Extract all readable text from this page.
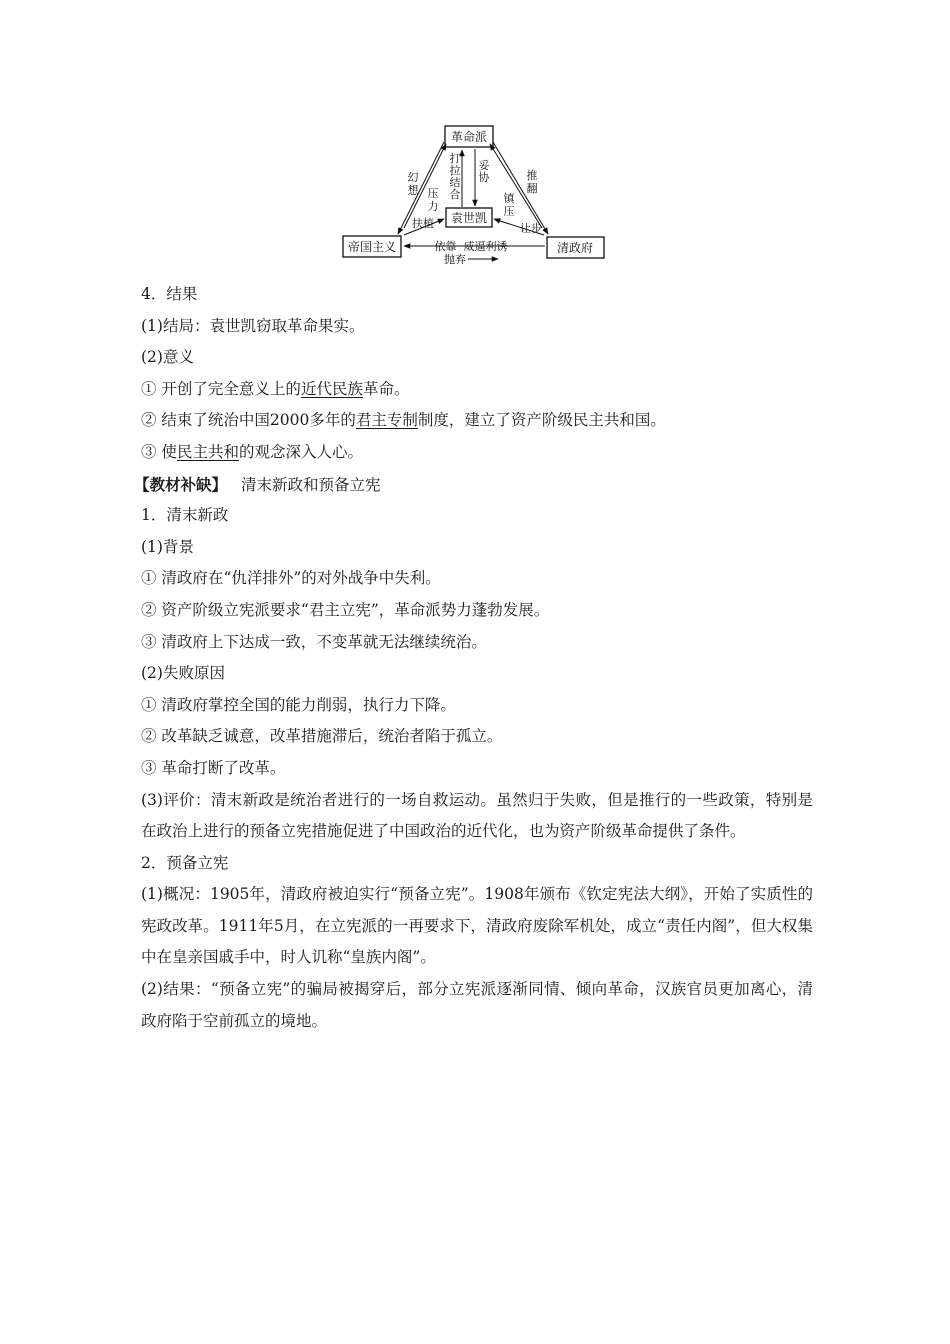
革命派
袁世凯
帝国主义	清政府
幻想 压力
扶植
打拉结合
妥协
镇压
推翻
让步
依靠  威逼利诱
抛弃
4．结果
(1)结局：袁世凯窃取革命果实。
(2)意义
① 开创了完全意义上的近代民族革命。
② 结束了统治中国2000多年的君主专制制度，建立了资产阶级民主共和国。
③ 使民主共和的观念深入人心。
【教材补缺】 清末新政和预备立宪
1．清末新政
(1)背景
① 清政府在“仇洋排外”的对外战争中失利。
② 资产阶级立宪派要求“君主立宪”，革命派势力蓬勃发展。
③ 清政府上下达成一致，不变革就无法继续统治。
(2)失败原因
① 清政府掌控全国的能力削弱，执行力下降。
② 改革缺乏诚意，改革措施滞后，统治者陷于孤立。
③ 革命打断了改革。
(3)评价：清末新政是统治者进行的一场自救运动。虽然归于失败，但是推行的一些政策，特别是在政治上进行的预备立宪措施促进了中国政治的近代化，也为资产阶级革命提供了条件。
2．预备立宪
(1)概况：1905年，清政府被迫实行“预备立宪”。1908年颁布《钦定宪法大纲》，开始了实质性的宪政改革。1911年5月，在立宪派的一再要求下，清政府废除军机处，成立“责任内阁”，但大权集中在皇亲国戚手中，时人讥称“皇族内阁”。
(2)结果：“预备立宪”的骗局被揭穿后，部分立宪派逐渐同情、倾向革命，汉族官员更加离心，清政府陷于空前孤立的境地。
